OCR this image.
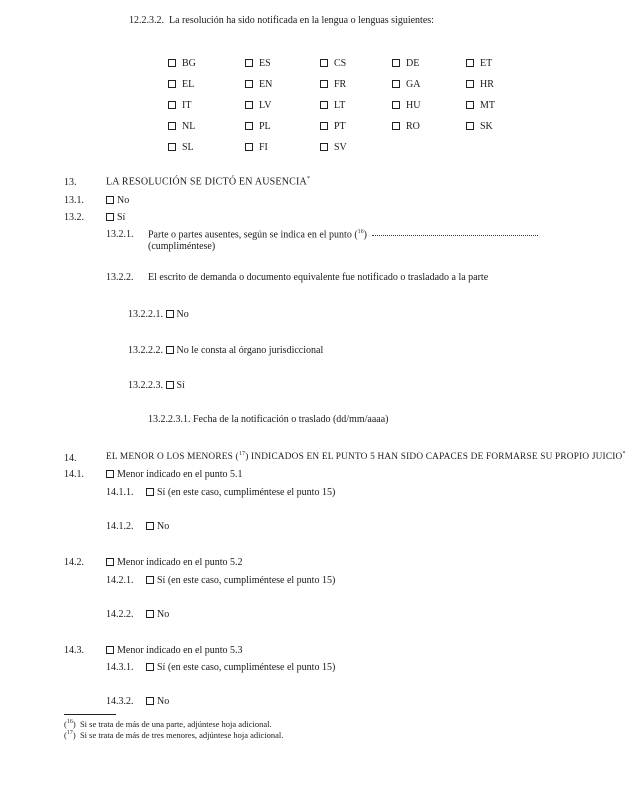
12.2.3.2. La resolución ha sido notificada en la lengua o lenguas siguientes:
BG	ES	CS	DE	ET
EL	EN	FR	GA	HR
IT	LV	LT	HU	MT
NL	PL	PT	RO	SK
SL	FI	SV
13.	LA RESOLUCIÓN SE DICTÓ EN AUSENCIA*
13.1.	No
13.2.	Sí
13.2.1. Parte o partes ausentes, según se indica en el punto ($^{16}$)
(cumpliméntese)
13.2.2. El escrito de demanda o documento equivalente fue notificado o trasladado a la parte
13.2.2.1. No
13.2.2.2. No le consta al órgano jurisdiccional
13.2.2.3. Sí
13.2.2.3.1. Fecha de la notificación o traslado (dd/mm/aaaa)
14.	EL MENOR O LOS MENORES ($^{17}$) INDICADOS EN EL PUNTO 5 HAN SIDO CAPACES DE FORMARSE SU PROPIO JUICIO*
14.1.	Menor indicado en el punto 5.1
14.1.1. Sí (en este caso, cumpliméntese el punto 15)
14.1.2. No
14.2.	Menor indicado en el punto 5.2
14.2.1. Sí (en este caso, cumpliméntese el punto 15)
14.2.2. No
14.3.	Menor indicado en el punto 5.3
14.3.1. Sí (en este caso, cumpliméntese el punto 15)
14.3.2. No
($^{16}$)  Si se trata de más de una parte, adjúntese hoja adicional.
($^{17}$)  Si se trata de más de tres menores, adjúntese hoja adicional.
